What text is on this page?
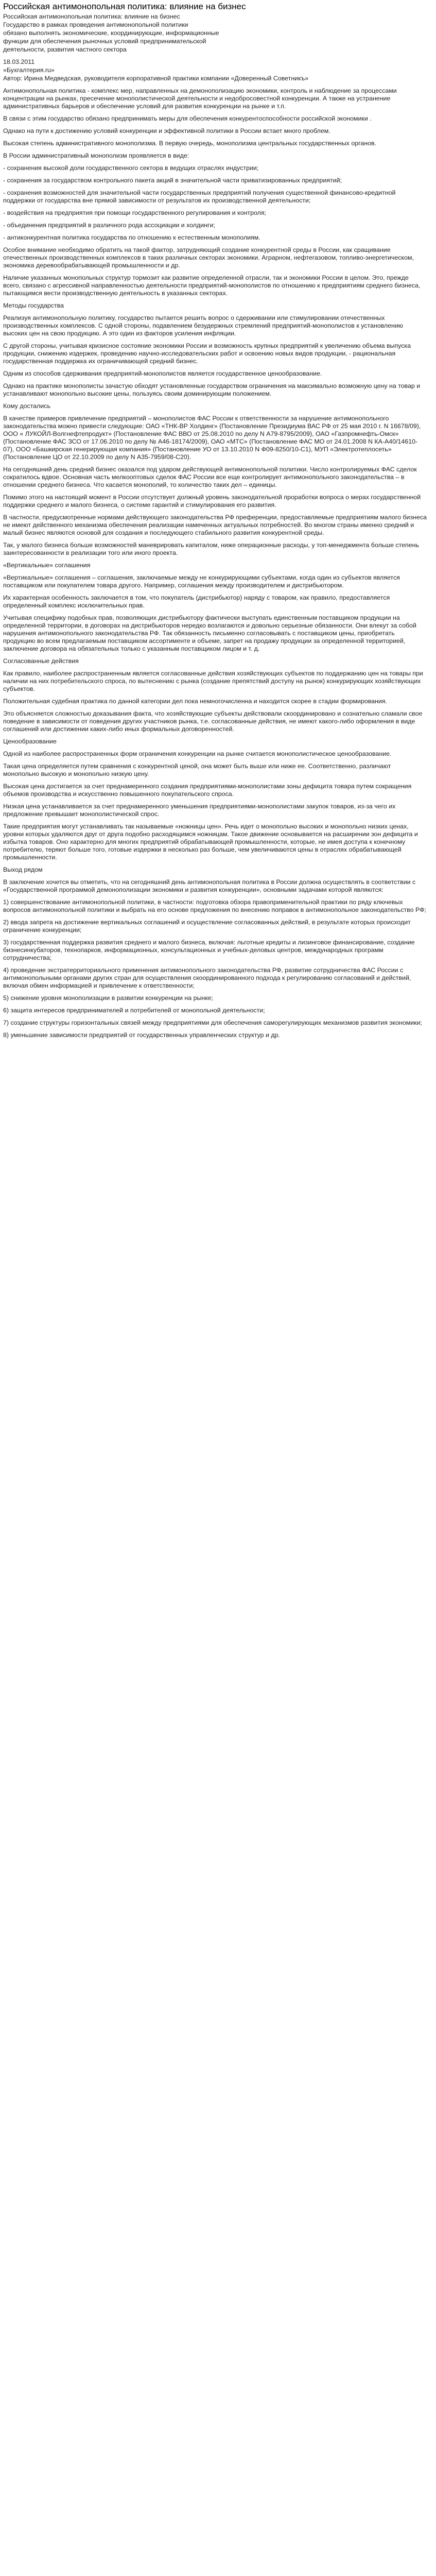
Российская антимонопольная политика: влияние на бизнес

Российская антимонопольная политика: влияние на бизнес

Государство в рамках проведения антимонопольной политики

обязано выполнять экономические, координирующие, информационные

функции для обеспечения рыночных условий предпринимательской

деятельности, развития частного сектора

18.03.2011

«Бухгалтерия.ru»

Автор: Ирина Медведская, руководителя корпоративной практики компании «Доверенный Советникъ»

Антимонопольная политика - комплекс мер, направленных на демонополизацию экономики, контроль и наблюдение за процессами концентрации на рынках, пресечение монополистической деятельности и недобросовестной конкуренции. А также на устранение административных барьеров и обеспечение условий для развития конкуренции на рынке и т.п.

В связи с этим государство обязано предпринимать меры для обеспечения конкурентоспособности российской экономики .

Однако на пути к достижению условий конкуренции и эффективной политики в России встает много проблем.

Высокая степень административного монополизма. В первую очередь, монополизма центральных государственных органов.

В России административный монополизм проявляется в виде:

- сохранения высокой доли государственного сектора в ведущих отраслях индустрии;

- сохранения за государством контрольного пакета акций в значительной части приватизированных предприятий;

- сохранения возможностей для значительной части государственных предприятий получения существенной финансово-кредитной поддержки от государства вне прямой зависимости от результатов их производственной деятельности;

- воздействия на предприятия при помощи государственного регулирования и контроля;

- объединения предприятий в различного рода ассоциации и холдинги;

- антиконкурентная политика государства по отношению к естественным монополиям.

Особое внимание необходимо обратить на такой фактор, затрудняющий создание конкурентной среды в России, как сращивание отечественных производственных комплексов в таких различных секторах экономики. Аграрном, нефтегазовом, топливо-энергетическом, экономика деревообрабатывающей промышленности и др.

Наличие указанных монопольных структур тормозит как развитие определенной отрасли, так и экономики России в целом. Это, прежде всего, связано с агрессивной направленностью деятельности предприятий-монополистов по отношению к предприятиям среднего бизнеса, пытающимся вести производственную деятельность в указанных секторах.

Методы государства

Реализуя антимонопольную политику, государство пытается решить вопрос о сдерживании или стимулировании отечественных производственных комплексов. С одной стороны, подавлением безудержных стремлений предприятий-монополистов к установлению высоких цен на свою продукцию. А это один из факторов усиления инфляции.

С другой стороны, учитывая кризисное состояние экономики России и возможность крупных предприятий к увеличению объема выпуска продукции, снижению издержек, проведению научно-исследовательских работ и освоению новых видов продукции, - рациональная государственная поддержка их ограничивающей средний бизнес.

Одним из способов сдерживания предприятий-монополистов является государственное ценообразование.

Однако на практике монополисты зачастую обходят установленные государством ограничения на максимально возможную цену на товар и устанавливают монопольно высокие цены, пользуясь своим доминирующим положением.

Кому достались

В качестве примеров привлечение предприятий – монополистов ФАС России к ответственности за нарушение антимонопольного законодательства можно привести следующие: ОАО «ТНК-ВР Холдинг» (Постановление Президиума ВАС РФ от 25 мая 2010 г. N 16678/09), ООО « ЛУКОЙЛ-Волгнефтепродукт» (Постановление ФАС ВВО от 25.08.2010 по делу N А79-8795/2009), ОАО «Газпромнефть-Омск» (Постановление ФАС ЗСО от 17.06.2010 по делу № А46-18174/2009), ОАО «МТС» (Постановление ФАС МО от 24.01.2008 N КА-А40/14610-07), ООО «Башкирская генерирующая компания» (Постановление УО от 13.10.2010 N Ф09-8250/10-С1), МУП «Электротеплосеть» (Постановление ЦО от 22.10.2009 по делу N А35-7959/08-С20).

На сегодняшний день средний бизнес оказался под ударом действующей антимонопольной политики. Число контролируемых ФАС сделок сократилось вдвое. Основная часть мелкооптовых сделок ФАС России все еще контролирует антимонопольного законодательства – в отношении среднего бизнеса. Что касается монополий, то количество таких дел – единицы.

Помимо этого на настоящий момент в России отсутствует должный уровень законодательной проработки вопроса о мерах государственной поддержки среднего и малого бизнеса, о системе гарантий и стимулирования его развития.

В частности, предусмотренные нормами действующего законодательства РФ преференции, предоставляемые предприятиям малого бизнеса не имеют действенного механизма обеспечения реализации намеченных актуальных потребностей. Во многом страны именно средний и малый бизнес являются основой для создания и последующего стабильного развития конкурентной среды.

Так, у малого бизнеса больше возможностей маневрировать капиталом, ниже операционные расходы, у топ-менеджмента больше степень заинтересованности в реализации того или иного проекта.

«Вертикальные» соглашения

«Вертикальные» соглашения – соглашения, заключаемые между не конкурирующими субъектами, когда один из субъектов является поставщиком или покупателем товара другого. Например, соглашения между производителем и дистрибьютором.

Их характерная особенность заключается в том, что покупатель (дистрибьютор) наряду с товаром, как правило, предоставляется определенный комплекс исключительных прав.

Учитывая специфику подобных прав, позволяющих дистрибьютору фактически выступать единственным поставщиком продукции на определенной территории, в договорах на дистрибьюторов нередко возлагаются и довольно серьезные обязанности. Они влекут за собой нарушения антимонопольного законодательства РФ. Так обязанность письменно согласовывать с поставщиком цены, приобретать продукцию во всем предлагаемым поставщиком ассортименте и объеме, запрет на продажу продукции за определенной территорией, заключение договора на обязательных только с указанным поставщиком лицом и т. д.

Согласованные действия

Как правило, наиболее распространенным является согласованные действия хозяйствующих субъектов по поддержанию цен на товары при наличии на них потребительского спроса, по вытеснению с рынка (создание препятствий доступу на рынок) конкурирующих хозяйствующих субъектов.

Положительная судебная практика по данной категории дел пока немногочисленна и находится скорее в стадии формирования.

Это объясняется сложностью доказывания факта, что хозяйствующие субъекты действовали скоординировано и сознательно сламали свое поведение в зависимости от поведения других участников рынка, т.е. согласованные действия, не имеют какого-либо оформления в виде соглашений или достижении каких-либо иных формальных договоренностей.

Ценообразование

Одной из наиболее распространенных форм ограничения конкуренции на рынке считается монополистическое ценообразование.

Такая цена определяется путем сравнения с конкурентной ценой, она может быть выше или ниже ее. Соответственно, различают монопольно высокую и монопольно низкую цену.

Высокая цена достигается за счет преднамеренного создания предприятиями-монополистами зоны дефицита товара путем сокращения объемов производства и искусственно повышенного покупательского спроса.

Низкая цена устанавливается за счет преднамеренного уменьшения предприятиями-монополистами закупок товаров, из-за чего их предложение превышает монополистической спрос.

Такие предприятия могут устанавливать так называемые «ножницы цен». Речь идет о монопольно высоких и монопольно низких ценах, уровни которых удаляются друг от друга подобно расходящимся ножницам. Такое движение основывается на расширении зон дефицита и избытка товаров. Оно характерно для многих предприятий обрабатывающей промышленности, которые, не имея доступа к конечному потребителю, теряют больше того, готовые издержки в несколько раз больше, чем увеличиваются цены в отраслях обрабатывающей промышленности.

Выход рядом

В заключение хочется вы отметить, что на сегодняшний день антимонопольная политика в России должна осуществлять в соответствии с «Государственной программой демонополизации экономики и развития конкуренции», основными задачами которой являются:

1) совершенствование антимонопольной политики, в частности: подготовка обзора правоприменительной практики по ряду ключевых вопросов антимонопольной политики и выбрать на его основе предложения по внесению поправок в антимонопольное законодательство РФ;

2) ввода запрета на достижение вертикальных соглашений и осуществление согласованных действий, в результате которых происходит ограничение конкуренции;

3) государственная поддержка развития среднего и малого бизнеса, включая: льготные кредиты и лизинговое финансирование, создание бизнесинкубаторов, технопарков, информационных, консультационных и учебных-деловых центров, международных программ сотрудничества;

4) проведение экстратерриториального применения антимонопольного законодательства РФ, развитие сотрудничества ФАС России с антимонопольными органами других стран для осуществления скоординированного подхода к регулированию согласований и действий, включая обмен информацией и привлечение к ответственности;

5) снижение уровня монополизации в развитии конкуренции на рынке;

6) защита интересов предпринимателей и потребителей от монопольной деятельности;

7) создание структуры горизонтальных связей между предприятиями для обеспечения саморегулирующих механизмов развития экономики;

8) уменьшение зависимости предприятий от государственных управленческих структур и др.
